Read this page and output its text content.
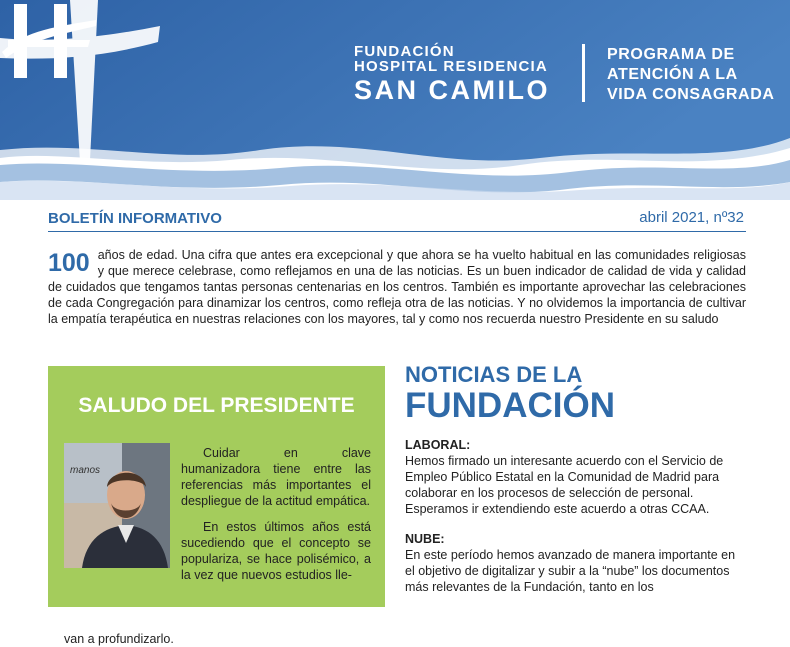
FUNDACIÓN
HOSPITAL RESIDENCIA
SAN CAMILO
PROGRAMA DE
ATENCIÓN A LA
VIDA CONSAGRADA
BOLETÍN INFORMATIVO	abril 2021, nº32
100 años de edad. Una cifra que antes era excepcional y que ahora se ha vuelto habitual en las comunidades religiosas y que merece celebrase, como reflejamos en una de las noticias. Es un buen indicador de calidad de vida y calidad de cuidados que tengamos tantas personas centenarias en los centros. También es importante aprovechar las celebraciones de cada Congregación para dinamizar los centros, como refleja otra de las noticias. Y no olvidemos la importancia de cultivar la empatía terapéutica en nuestras relaciones con los mayores, tal y como nos recuerda nuestro Presidente en su saludo
SALUDO DEL PRESIDENTE
manos

Cuidar en clave humanizadora tiene entre las referencias más importantes el despliegue de la actitud empática.

En estos últimos años está sucediendo que el concepto se populariza, se hace polisémico, a la vez que nuevos estudios lle-

van a profundizarlo.

NOTICIAS DE LA
FUNDACIÓN
LABORAL:

Hemos firmado un interesante acuerdo con el Servicio de Empleo Público Estatal en la Comunidad de Madrid para colaborar en los procesos de selección de personal. Esperamos ir extendiendo este acuerdo a otras CCAA.

NUBE:

En este período hemos avanzado de manera importante en el objetivo de digitalizar y subir a la “nube” los documentos más relevantes de la Fundación, tanto en los
